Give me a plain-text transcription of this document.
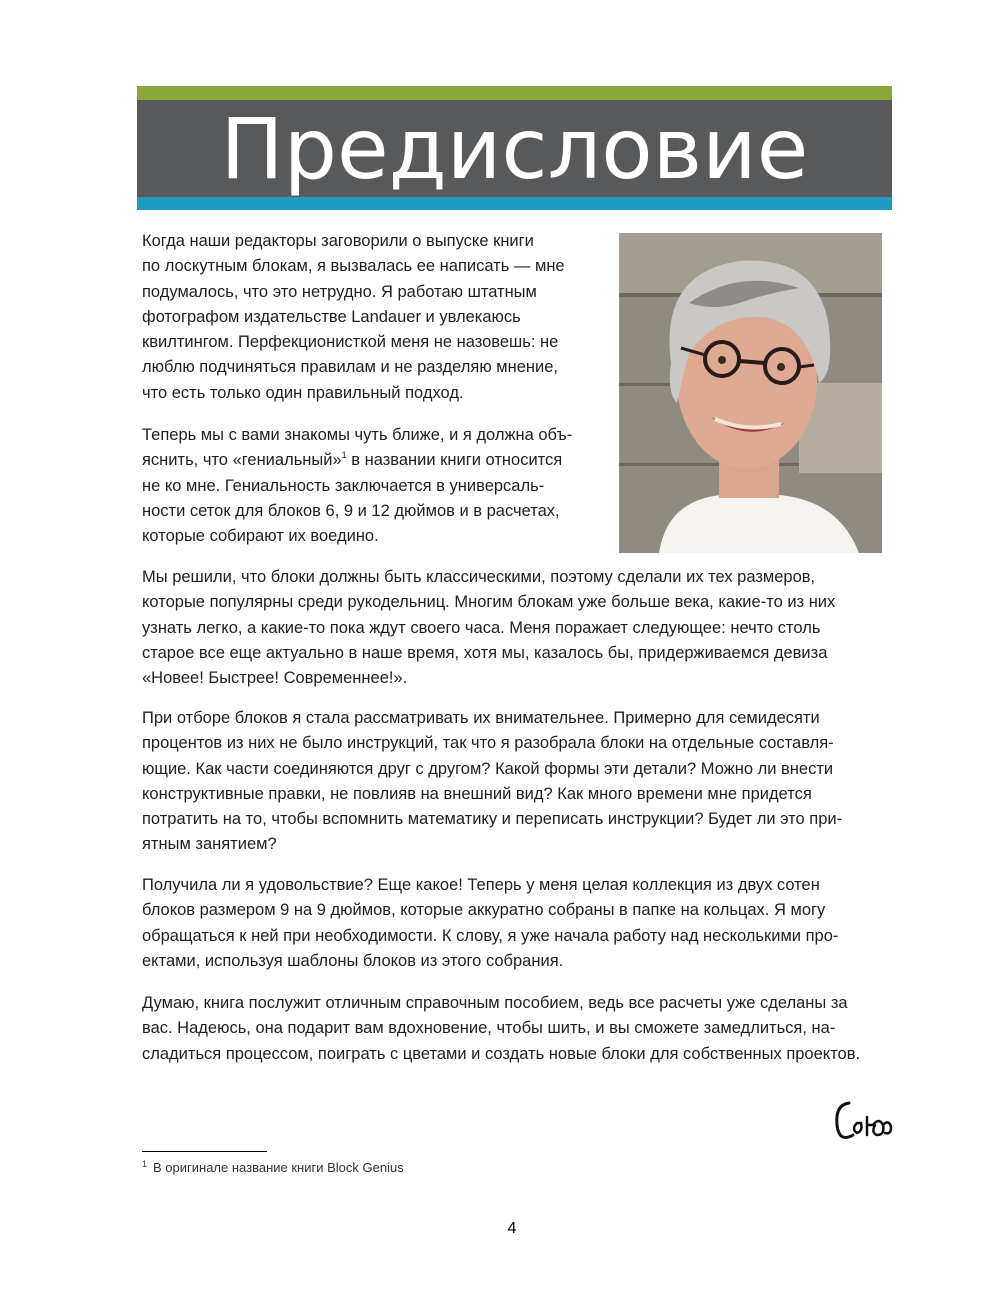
Предисловие

Когда наши редакторы заговорили о выпуске книги
по лоскутным блокам, я вызвалась ее написать — мне
подумалось, что это нетрудно. Я работаю штатным
фотографом издательстве Landauer и увлекаюсь
квилтингом. Перфекционисткой меня не назовешь: не
люблю подчиняться правилам и не разделяю мнение,
что есть только один правильный подход.

Теперь мы с вами знакомы чуть ближе, и я должна объ-
яснить, что «гениальный»$^1$ в названии книги относится
не ко мне. Гениальность заключается в универсаль-
ности сеток для блоков 6, 9 и 12 дюймов и в расчетах,
которые собирают их воедино.

Мы решили, что блоки должны быть классическими, поэтому сделали их тех размеров,
которые популярны среди рукодельниц. Многим блокам уже больше века, какие-то из них
узнать легко, а какие-то пока ждут своего часа. Меня поражает следующее: нечто столь
старое все еще актуально в наше время, хотя мы, казалось бы, придерживаемся девиза
«Новее! Быстрее! Современнее!».

При отборе блоков я стала рассматривать их внимательнее. Примерно для семидесяти
процентов из них не было инструкций, так что я разобрала блоки на отдельные составля-
ющие. Как части соединяются друг с другом? Какой формы эти детали? Можно ли внести
конструктивные правки, не повлияв на внешний вид? Как много времени мне придется
потратить на то, чтобы вспомнить математику и переписать инструкции? Будет ли это при-
ятным занятием?

Получила ли я удовольствие? Еще какое! Теперь у меня целая коллекция из двух сотен
блоков размером 9 на 9 дюймов, которые аккуратно собраны в папке на кольцах. Я могу
обращаться к ней при необходимости. К слову, я уже начала работу над несколькими про-
ектами, используя шаблоны блоков из этого собрания.

Думаю, книга послужит отличным справочным пособием, ведь все расчеты уже сделаны за
вас. Надеюсь, она подарит вам вдохновение, чтобы шить, и вы сможете замедлиться, на-
сладиться процессом, поиграть с цветами и создать новые блоки для собственных проектов.

$^1$ В оригинале название книги Block Genius
4
